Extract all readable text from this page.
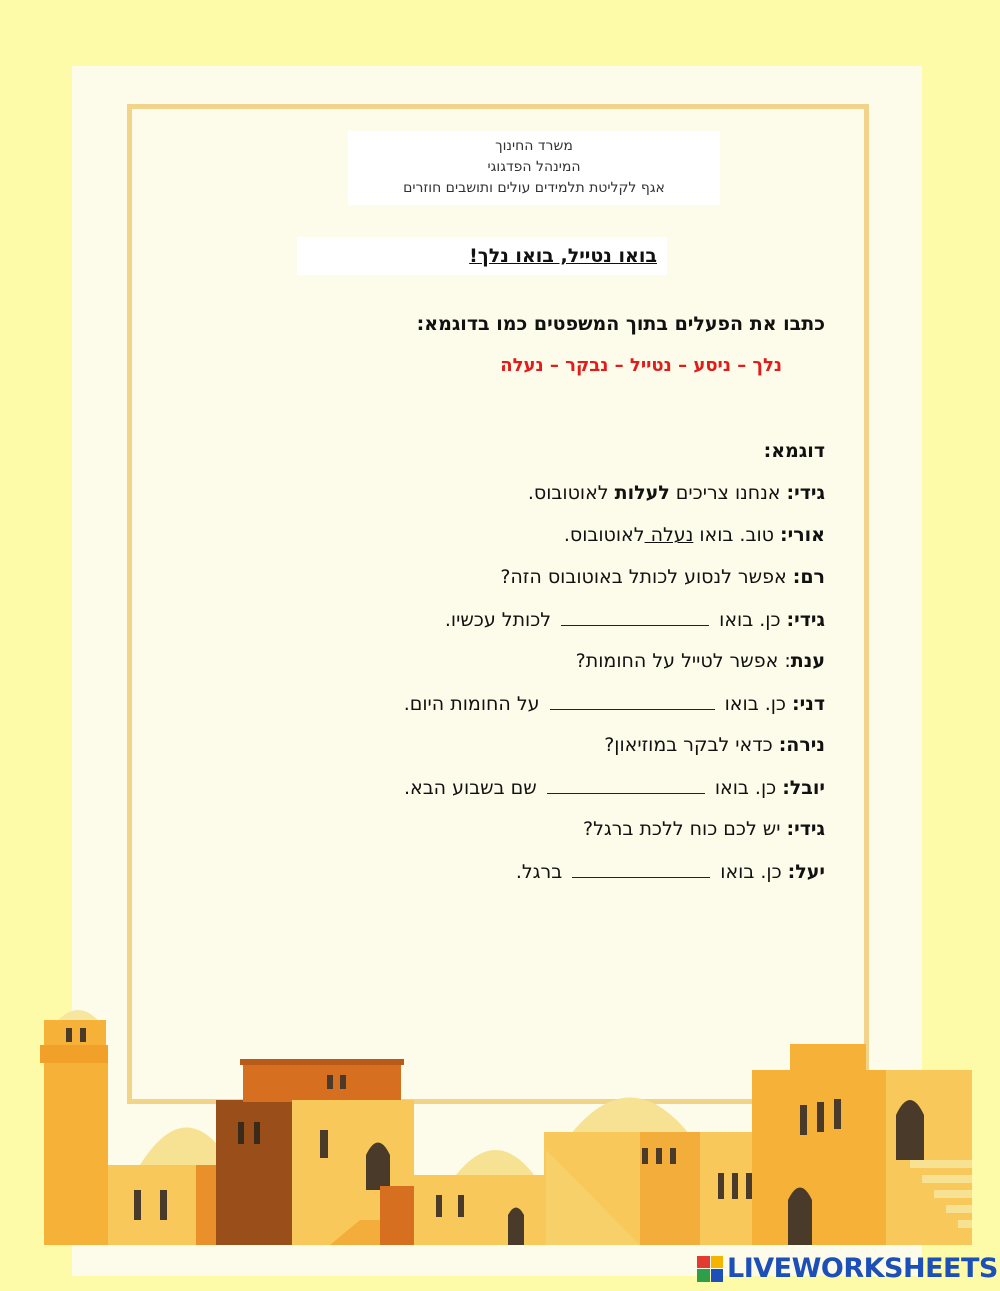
משרד החינוך
המינהל הפדגוגי
אגף לקליטת תלמידים עולים ותושבים חוזרים
בואו נטייל, בואו נלך!
כתבו את הפעלים בתוך המשפטים כמו בדוגמא:
נלך – ניסע – נטייל – נבקר – נעלה
דוגמא:
גידי: אנחנו צריכים לעלות לאוטובוס.
אורי: טוב. בואו נעלה לאוטובוס.
רם: אפשר לנסוע לכותל באוטובוס הזה?
גידי: כן. בואו  לכותל עכשיו.
ענת: אפשר לטייל על החומות?
דני: כן. בואו  על החומות היום.
נירה: כדאי לבקר במוזיאון?
יובל: כן. בואו  שם בשבוע הבא.
גידי: יש לכם כוח ללכת ברגל?
יעל: כן. בואו  ברגל.
LIVEWORKSHEETS
